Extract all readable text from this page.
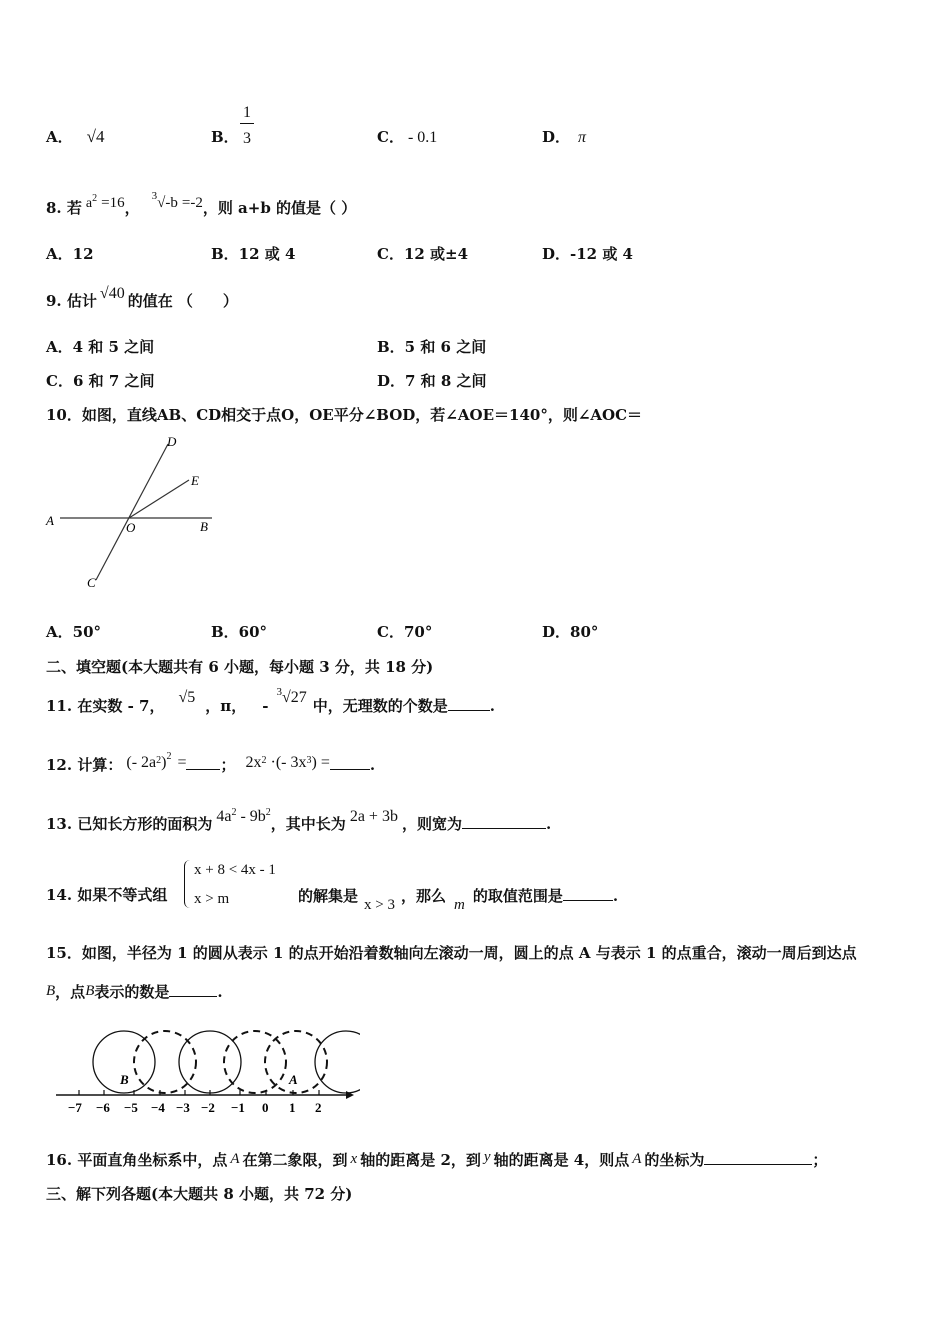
A． √4	B．
1
3	C． - 0.1	D． π
8. 若 $a^2 =16$，$^3$√-b =-2，则 a+b 的值是（ ）
A．12	B．12 或 4	C．12 或±4	D．-12 或 4
9. 估计 √40 的值在 （　　）
A．4 和 5 之间	B．5 和 6 之间
C．6 和 7 之间	D．7 和 8 之间
10．如图，直线AB、CD相交于点O，OE平分∠BOD，若∠AOE＝140°，则∠AOC＝
A	B
C
D
E
O
A．50°	B．60°	C．70°	D．80°
二、填空题(本大题共有 6 小题，每小题 3 分，共 18 分)
11. 在实数 - 7， √5 ，π， -$^3$√27 中，无理数的个数是	.
12. 计算： (- $2a^2)^2$ = ； $2x^2$ ·(- $3x^3$) =	.
13. 已知长方形的面积为 $4a^2 - 9b^2$，其中长为 2a + 3b ，则宽为	.
14. 如果不等式组
x + 8 < 4x - 1
x > m	的解集是 x > 3 ，那么 m 的取值范围是	.
15．如图，半径为 1 的圆从表示 1 的点开始沿着数轴向左滚动一周，圆上的点 A 与表示 1 的点重合，滚动一周后到达点
B，点B表示的数是	.
−7 −6 −5 −4 −3 −2 −1 0 1 2
B	A
16. 平面直角坐标系中，点 A 在第二象限，到 x 轴的距离是 2，到 y 轴的距离是 4，则点 A 的坐标为	；
三、解下列各题(本大题共 8 小题，共 72 分)
